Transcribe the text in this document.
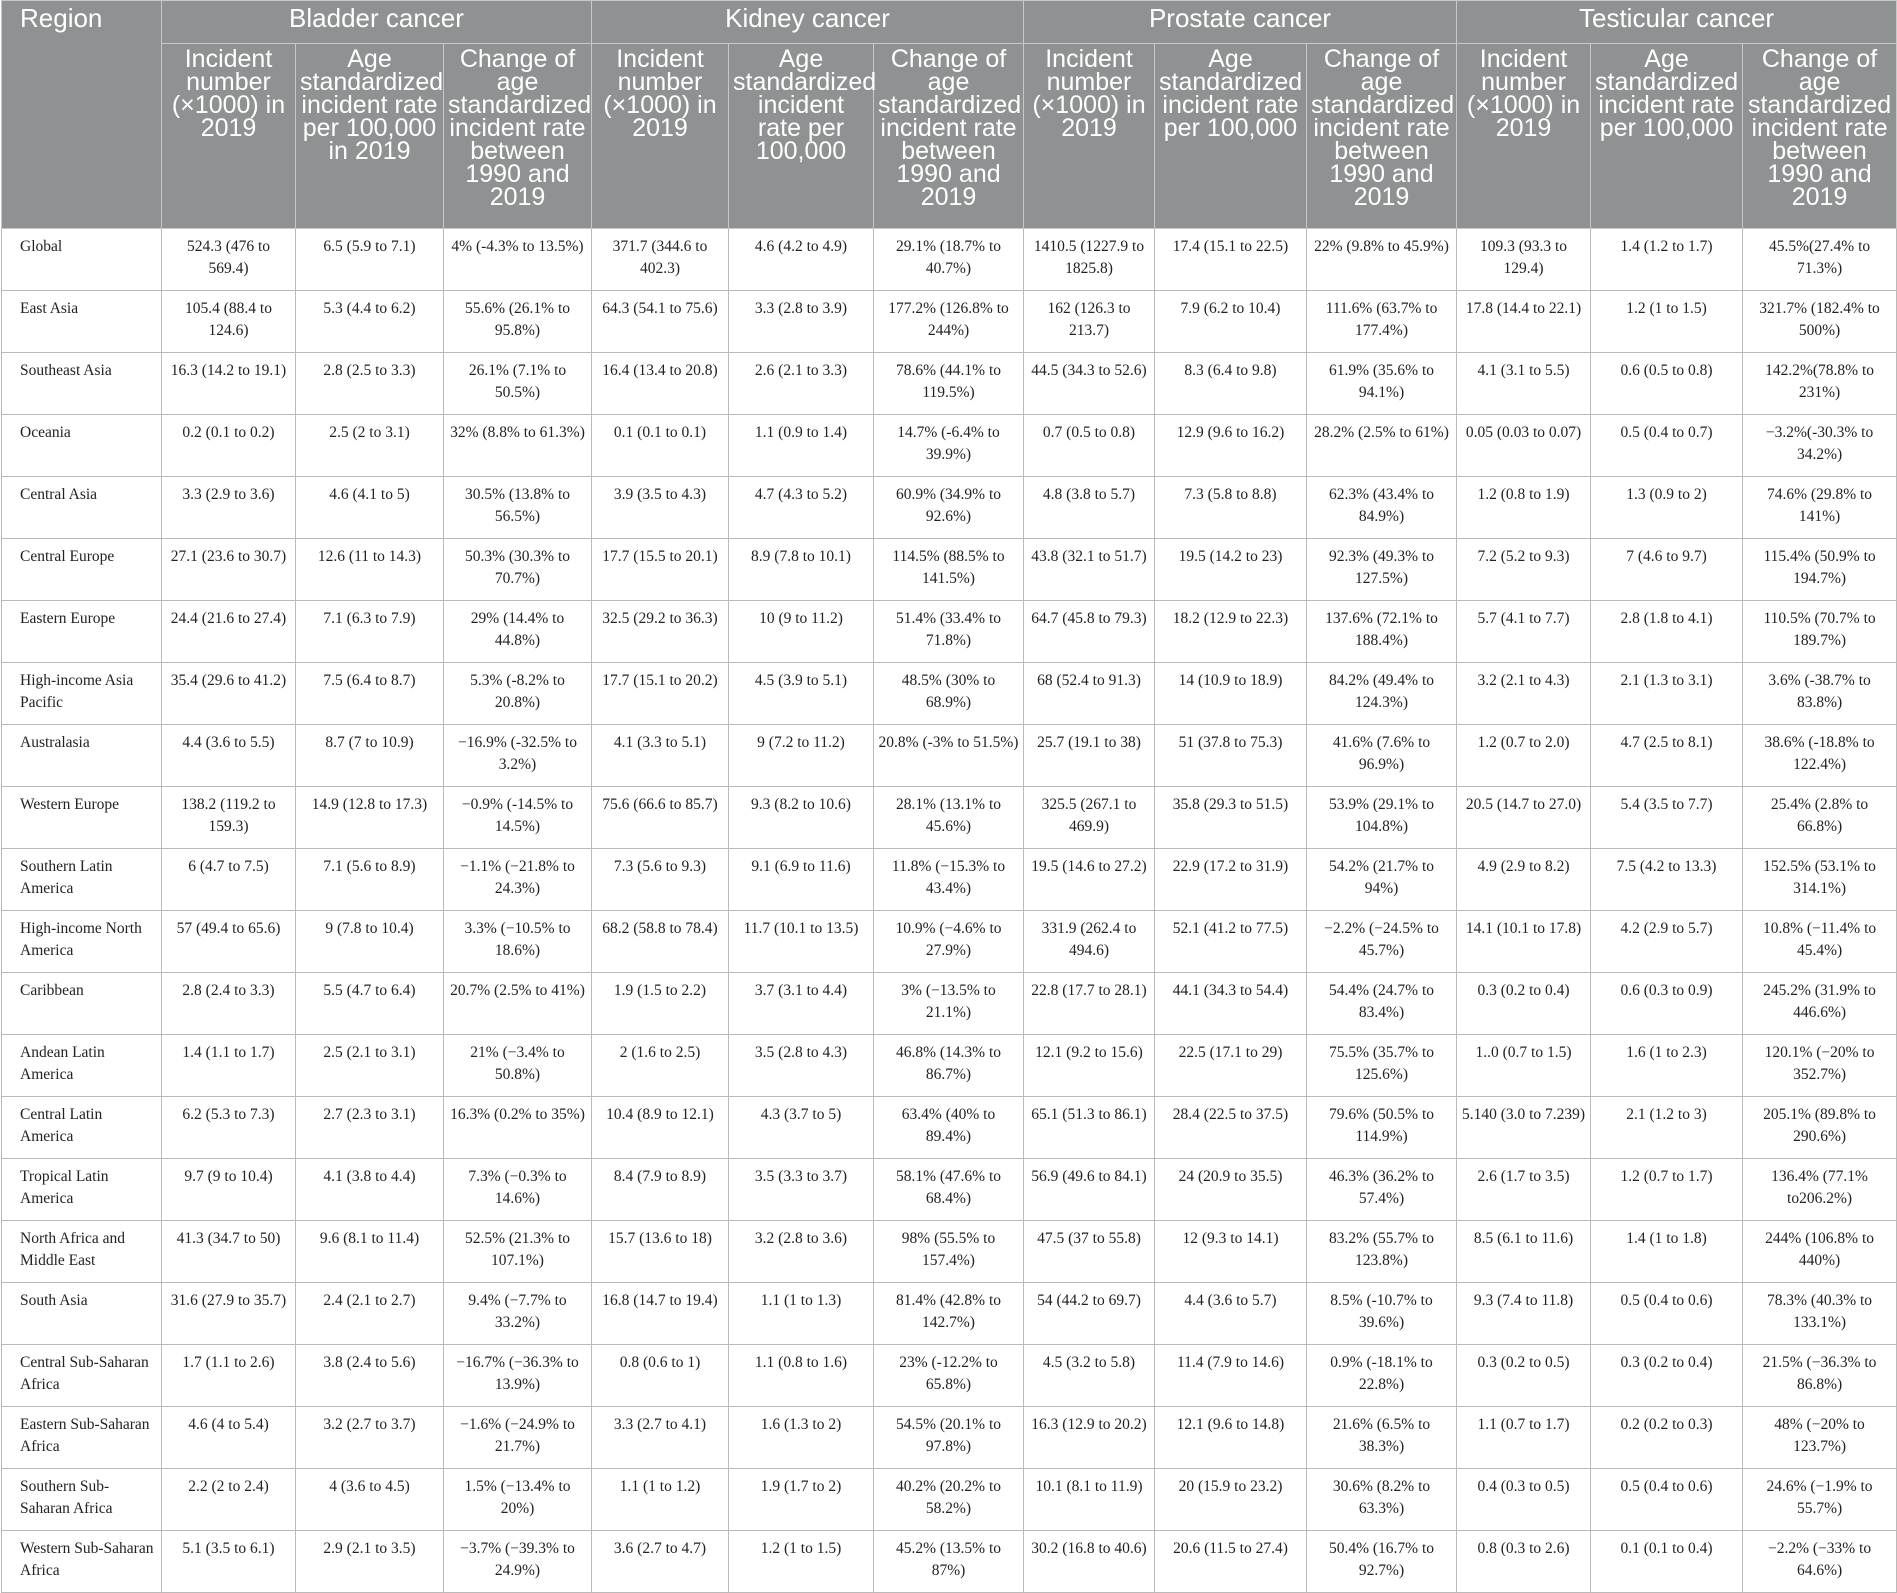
Region	Bladder cancer			Kidney cancer			Prostate cancer			Testicular cancer		
	Incident number (×1000) in 2019	Age standardized incident rate per 100,000 in 2019	Change of age standardized incident rate between 1990 and 2019	Incident number (×1000) in 2019	Age standardized incident rate per 100,000	Change of age standardized incident rate between 1990 and 2019	Incident number (×1000) in 2019	Age standardized incident rate per 100,000	Change of age standardized incident rate between 1990 and 2019	Incident number (×1000) in 2019	Age standardized incident rate per 100,000	Change of age standardized incident rate between 1990 and 2019
Global	524.3 (476 to 569.4)	6.5 (5.9 to 7.1)	4% (-4.3% to 13.5%)	371.7 (344.6 to 402.3)	4.6 (4.2 to 4.9)	29.1% (18.7% to 40.7%)	1410.5 (1227.9 to 1825.8)	17.4 (15.1 to 22.5)	22% (9.8% to 45.9%)	109.3 (93.3 to 129.4)	1.4 (1.2 to 1.7)	45.5%(27.4% to 71.3%)
East Asia	105.4 (88.4 to 124.6)	5.3 (4.4 to 6.2)	55.6% (26.1% to 95.8%)	64.3 (54.1 to 75.6)	3.3 (2.8 to 3.9)	177.2% (126.8% to 244%)	162 (126.3 to 213.7)	7.9 (6.2 to 10.4)	111.6% (63.7% to 177.4%)	17.8 (14.4 to 22.1)	1.2 (1 to 1.5)	321.7% (182.4% to 500%)
Southeast Asia	16.3 (14.2 to 19.1)	2.8 (2.5 to 3.3)	26.1% (7.1% to 50.5%)	16.4 (13.4 to 20.8)	2.6 (2.1 to 3.3)	78.6% (44.1% to 119.5%)	44.5 (34.3 to 52.6)	8.3 (6.4 to 9.8)	61.9% (35.6% to 94.1%)	4.1 (3.1 to 5.5)	0.6 (0.5 to 0.8)	142.2%(78.8% to 231%)
Oceania	0.2 (0.1 to 0.2)	2.5 (2 to 3.1)	32% (8.8% to 61.3%)	0.1 (0.1 to 0.1)	1.1 (0.9 to 1.4)	14.7% (-6.4% to 39.9%)	0.7 (0.5 to 0.8)	12.9 (9.6 to 16.2)	28.2% (2.5% to 61%)	0.05 (0.03 to 0.07)	0.5 (0.4 to 0.7)	−3.2%(-30.3% to 34.2%)
Central Asia	3.3 (2.9 to 3.6)	4.6 (4.1 to 5)	30.5% (13.8% to 56.5%)	3.9 (3.5 to 4.3)	4.7 (4.3 to 5.2)	60.9% (34.9% to 92.6%)	4.8 (3.8 to 5.7)	7.3 (5.8 to 8.8)	62.3% (43.4% to 84.9%)	1.2 (0.8 to 1.9)	1.3 (0.9 to 2)	74.6% (29.8% to 141%)
Central Europe	27.1 (23.6 to 30.7)	12.6 (11 to 14.3)	50.3% (30.3% to 70.7%)	17.7 (15.5 to 20.1)	8.9 (7.8 to 10.1)	114.5% (88.5% to 141.5%)	43.8 (32.1 to 51.7)	19.5 (14.2 to 23)	92.3% (49.3% to 127.5%)	7.2 (5.2 to 9.3)	7 (4.6 to 9.7)	115.4% (50.9% to 194.7%)
Eastern Europe	24.4 (21.6 to 27.4)	7.1 (6.3 to 7.9)	29% (14.4% to 44.8%)	32.5 (29.2 to 36.3)	10 (9 to 11.2)	51.4% (33.4% to 71.8%)	64.7 (45.8 to 79.3)	18.2 (12.9 to 22.3)	137.6% (72.1% to 188.4%)	5.7 (4.1 to 7.7)	2.8 (1.8 to 4.1)	110.5% (70.7% to 189.7%)
High-income Asia Pacific	35.4 (29.6 to 41.2)	7.5 (6.4 to 8.7)	5.3% (-8.2% to 20.8%)	17.7 (15.1 to 20.2)	4.5 (3.9 to 5.1)	48.5% (30% to 68.9%)	68 (52.4 to 91.3)	14 (10.9 to 18.9)	84.2% (49.4% to 124.3%)	3.2 (2.1 to 4.3)	2.1 (1.3 to 3.1)	3.6% (-38.7% to 83.8%)
Australasia	4.4 (3.6 to 5.5)	8.7 (7 to 10.9)	−16.9% (-32.5% to 3.2%)	4.1 (3.3 to 5.1)	9 (7.2 to 11.2)	20.8% (-3% to 51.5%)	25.7 (19.1 to 38)	51 (37.8 to 75.3)	41.6% (7.6% to 96.9%)	1.2 (0.7 to 2.0)	4.7 (2.5 to 8.1)	38.6% (-18.8% to 122.4%)
Western Europe	138.2 (119.2 to 159.3)	14.9 (12.8 to 17.3)	−0.9% (-14.5% to 14.5%)	75.6 (66.6 to 85.7)	9.3 (8.2 to 10.6)	28.1% (13.1% to 45.6%)	325.5 (267.1 to 469.9)	35.8 (29.3 to 51.5)	53.9% (29.1% to 104.8%)	20.5 (14.7 to 27.0)	5.4 (3.5 to 7.7)	25.4% (2.8% to 66.8%)
Southern Latin America	6 (4.7 to 7.5)	7.1 (5.6 to 8.9)	−1.1% (−21.8% to 24.3%)	7.3 (5.6 to 9.3)	9.1 (6.9 to 11.6)	11.8% (−15.3% to 43.4%)	19.5 (14.6 to 27.2)	22.9 (17.2 to 31.9)	54.2% (21.7% to 94%)	4.9 (2.9 to 8.2)	7.5 (4.2 to 13.3)	152.5% (53.1% to 314.1%)
High-income North America	57 (49.4 to 65.6)	9 (7.8 to 10.4)	3.3% (−10.5% to 18.6%)	68.2 (58.8 to 78.4)	11.7 (10.1 to 13.5)	10.9% (−4.6% to 27.9%)	331.9 (262.4 to 494.6)	52.1 (41.2 to 77.5)	−2.2% (−24.5% to 45.7%)	14.1 (10.1 to 17.8)	4.2 (2.9 to 5.7)	10.8% (−11.4% to 45.4%)
Caribbean	2.8 (2.4 to 3.3)	5.5 (4.7 to 6.4)	20.7% (2.5% to 41%)	1.9 (1.5 to 2.2)	3.7 (3.1 to 4.4)	3% (−13.5% to 21.1%)	22.8 (17.7 to 28.1)	44.1 (34.3 to 54.4)	54.4% (24.7% to 83.4%)	0.3 (0.2 to 0.4)	0.6 (0.3 to 0.9)	245.2% (31.9% to 446.6%)
Andean Latin America	1.4 (1.1 to 1.7)	2.5 (2.1 to 3.1)	21% (−3.4% to 50.8%)	2 (1.6 to 2.5)	3.5 (2.8 to 4.3)	46.8% (14.3% to 86.7%)	12.1 (9.2 to 15.6)	22.5 (17.1 to 29)	75.5% (35.7% to 125.6%)	1..0 (0.7 to 1.5)	1.6 (1 to 2.3)	120.1% (−20% to 352.7%)
Central Latin America	6.2 (5.3 to 7.3)	2.7 (2.3 to 3.1)	16.3% (0.2% to 35%)	10.4 (8.9 to 12.1)	4.3 (3.7 to 5)	63.4% (40% to 89.4%)	65.1 (51.3 to 86.1)	28.4 (22.5 to 37.5)	79.6% (50.5% to 114.9%)	5.140 (3.0 to 7.239)	2.1 (1.2 to 3)	205.1% (89.8% to 290.6%)
Tropical Latin America	9.7 (9 to 10.4)	4.1 (3.8 to 4.4)	7.3% (−0.3% to 14.6%)	8.4 (7.9 to 8.9)	3.5 (3.3 to 3.7)	58.1% (47.6% to 68.4%)	56.9 (49.6 to 84.1)	24 (20.9 to 35.5)	46.3% (36.2% to 57.4%)	2.6 (1.7 to 3.5)	1.2 (0.7 to 1.7)	136.4% (77.1% to206.2%)
North Africa and Middle East	41.3 (34.7 to 50)	9.6 (8.1 to 11.4)	52.5% (21.3% to 107.1%)	15.7 (13.6 to 18)	3.2 (2.8 to 3.6)	98% (55.5% to 157.4%)	47.5 (37 to 55.8)	12 (9.3 to 14.1)	83.2% (55.7% to 123.8%)	8.5 (6.1 to 11.6)	1.4 (1 to 1.8)	244% (106.8% to 440%)
South Asia	31.6 (27.9 to 35.7)	2.4 (2.1 to 2.7)	9.4% (−7.7% to 33.2%)	16.8 (14.7 to 19.4)	1.1 (1 to 1.3)	81.4% (42.8% to 142.7%)	54 (44.2 to 69.7)	4.4 (3.6 to 5.7)	8.5% (-10.7% to 39.6%)	9.3 (7.4 to 11.8)	0.5 (0.4 to 0.6)	78.3% (40.3% to 133.1%)
Central Sub-Saharan Africa	1.7 (1.1 to 2.6)	3.8 (2.4 to 5.6)	−16.7% (−36.3% to 13.9%)	0.8 (0.6 to 1)	1.1 (0.8 to 1.6)	23% (-12.2% to 65.8%)	4.5 (3.2 to 5.8)	11.4 (7.9 to 14.6)	0.9% (-18.1% to 22.8%)	0.3 (0.2 to 0.5)	0.3 (0.2 to 0.4)	21.5% (−36.3% to 86.8%)
Eastern Sub-Saharan Africa	4.6 (4 to 5.4)	3.2 (2.7 to 3.7)	−1.6% (−24.9% to 21.7%)	3.3 (2.7 to 4.1)	1.6 (1.3 to 2)	54.5% (20.1% to 97.8%)	16.3 (12.9 to 20.2)	12.1 (9.6 to 14.8)	21.6% (6.5% to 38.3%)	1.1 (0.7 to 1.7)	0.2 (0.2 to 0.3)	48% (−20% to 123.7%)
Southern Sub-Saharan Africa	2.2 (2 to 2.4)	4 (3.6 to 4.5)	1.5% (−13.4% to 20%)	1.1 (1 to 1.2)	1.9 (1.7 to 2)	40.2% (20.2% to 58.2%)	10.1 (8.1 to 11.9)	20 (15.9 to 23.2)	30.6% (8.2% to 63.3%)	0.4 (0.3 to 0.5)	0.5 (0.4 to 0.6)	24.6% (−1.9% to 55.7%)
Western Sub-Saharan Africa	5.1 (3.5 to 6.1)	2.9 (2.1 to 3.5)	−3.7% (−39.3% to 24.9%)	3.6 (2.7 to 4.7)	1.2 (1 to 1.5)	45.2% (13.5% to 87%)	30.2 (16.8 to 40.6)	20.6 (11.5 to 27.4)	50.4% (16.7% to 92.7%)	0.8 (0.3 to 2.6)	0.1 (0.1 to 0.4)	−2.2% (−33% to 64.6%)
